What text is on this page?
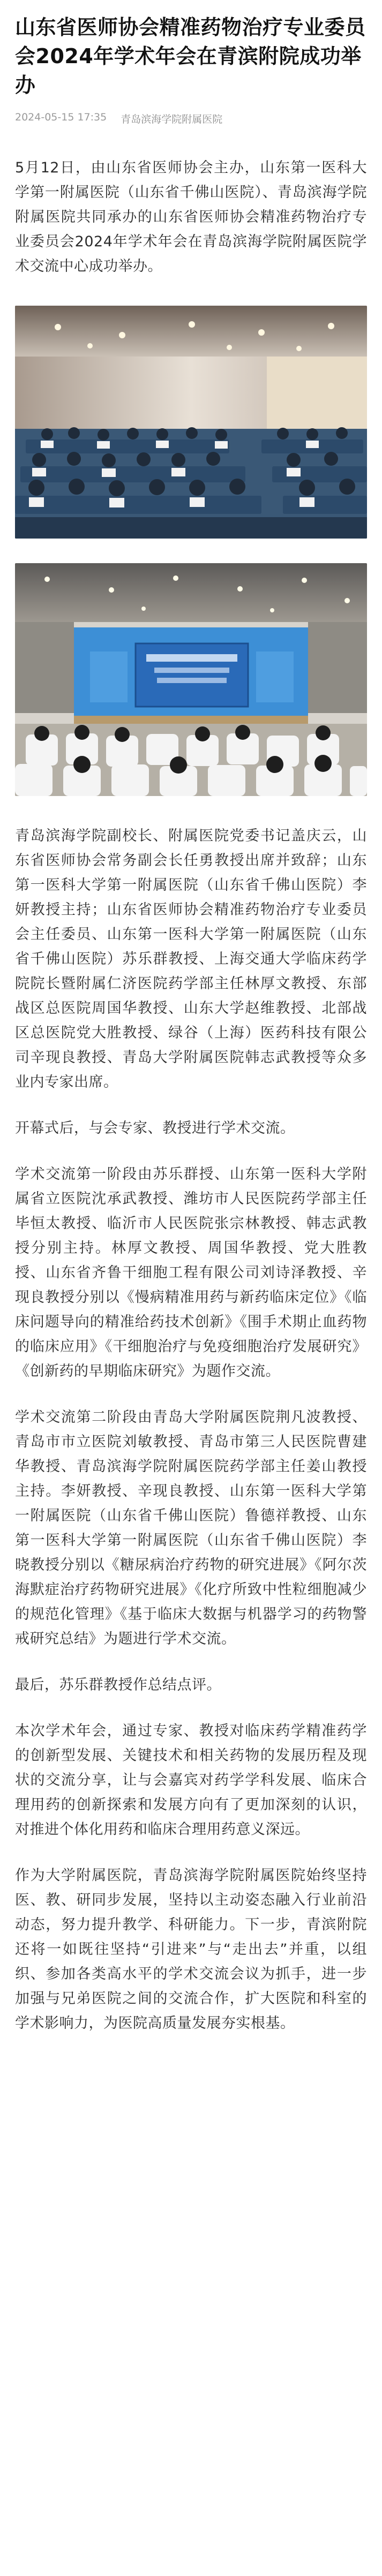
山东省医师协会精准药物治疗专业委员会2024年学术年会在青滨附院成功举办
2024-05-15 17:35 青岛滨海学院附属医院

5月12日，由山东省医师协会主办，山东第一医科大学第一附属医院（山东省千佛山医院）、青岛滨海学院附属医院共同承办的山东省医师协会精准药物治疗专业委员会2024年学术年会在青岛滨海学院附属医院学术交流中心成功举办。

青岛滨海学院副校长、附属医院党委书记盖庆云，山东省医师协会常务副会长任勇教授出席并致辞；山东第一医科大学第一附属医院（山东省千佛山医院）李妍教授主持；山东省医师协会精准药物治疗专业委员会主任委员、山东第一医科大学第一附属医院（山东省千佛山医院）苏乐群教授、上海交通大学临床药学院院长暨附属仁济医院药学部主任林厚文教授、东部战区总医院周国华教授、山东大学赵维教授、北部战区总医院党大胜教授、绿谷（上海）医药科技有限公司辛现良教授、青岛大学附属医院韩志武教授等众多业内专家出席。

开幕式后，与会专家、教授进行学术交流。

学术交流第一阶段由苏乐群授、山东第一医科大学附属省立医院沈承武教授、潍坊市人民医院药学部主任毕恒太教授、临沂市人民医院张宗林教授、韩志武教授分别主持。林厚文教授、周国华教授、党大胜教授、山东省齐鲁干细胞工程有限公司刘诗泽教授、辛现良教授分别以《慢病精准用药与新药临床定位》《临床问题导向的精准给药技术创新》《围手术期止血药物的临床应用》《干细胞治疗与免疫细胞治疗发展研究》《创新药的早期临床研究》为题作交流。

学术交流第二阶段由青岛大学附属医院荆凡波教授、青岛市市立医院刘敏教授、青岛市第三人民医院曹建华教授、青岛滨海学院附属医院药学部主任姜山教授主持。李妍教授、辛现良教授、山东第一医科大学第一附属医院（山东省千佛山医院）鲁德祥教授、山东第一医科大学第一附属医院（山东省千佛山医院）李晓教授分别以《糖尿病治疗药物的研究进展》《阿尔茨海默症治疗药物研究进展》《化疗所致中性粒细胞减少的规范化管理》《基于临床大数据与机器学习的药物警戒研究总结》为题进行学术交流。

最后，苏乐群教授作总结点评。

本次学术年会，通过专家、教授对临床药学精准药学的创新型发展、关键技术和相关药物的发展历程及现状的交流分享，让与会嘉宾对药学学科发展、临床合理用药的创新探索和发展方向有了更加深刻的认识，对推进个体化用药和临床合理用药意义深远。

作为大学附属医院，青岛滨海学院附属医院始终坚持医、教、研同步发展，坚持以主动姿态融入行业前沿动态，努力提升教学、科研能力。下一步，青滨附院还将一如既往坚持“引进来”与“走出去”并重，以组织、参加各类高水平的学术交流会议为抓手，进一步加强与兄弟医院之间的交流合作，扩大医院和科室的学术影响力，为医院高质量发展夯实根基。
